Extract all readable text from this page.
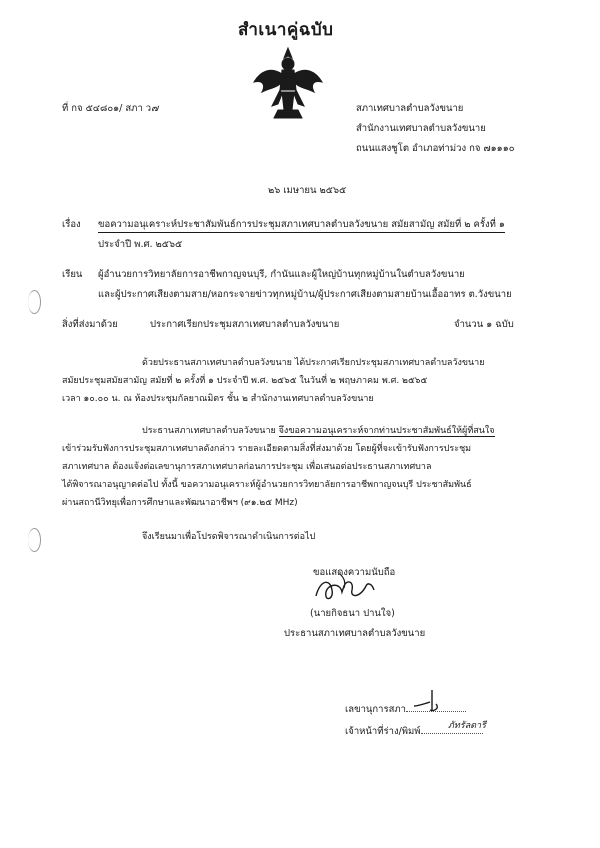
สำเนาคู่ฉบับ
ที่ กจ ๕๔๘๐๑/ สภา ว๗	สภาเทศบาลตำบลวังขนาย
สำนักงานเทศบาลตำบลวังขนาย
ถนนแสงชูโต อำเภอท่าม่วง กจ ๗๑๑๑๐
๒๖ เมษายน ๒๕๖๕
เรื่อง ขอความอนุเคราะห์ประชาสัมพันธ์การประชุมสภาเทศบาลตำบลวังขนาย สมัยสามัญ สมัยที่ ๒ ครั้งที่ ๑
ประจำปี พ.ศ. ๒๕๖๕
เรียน ผู้อำนวยการวิทยาลัยการอาชีพกาญจนบุรี, กำนันและผู้ใหญ่บ้านทุกหมู่บ้านในตำบลวังขนาย
และผู้ประกาศเสียงตามสาย/หอกระจายข่าวทุกหมู่บ้าน/ผู้ประกาศเสียงตามสายบ้านเอื้ออาทร ต.วังขนาย
สิ่งที่ส่งมาด้วย	ประกาศเรียกประชุมสภาเทศบาลตำบลวังขนาย	จำนวน ๑ ฉบับ
ด้วยประธานสภาเทศบาลตำบลวังขนาย ได้ประกาศเรียกประชุมสภาเทศบาลตำบลวังขนาย
สมัยประชุมสมัยสามัญ สมัยที่ ๒ ครั้งที่ ๑ ประจำปี พ.ศ. ๒๕๖๕ ในวันที่ ๒ พฤษภาคม พ.ศ. ๒๕๖๕
เวลา ๑๐.๐๐ น. ณ ห้องประชุมกัลยาณมิตร ชั้น ๒ สำนักงานเทศบาลตำบลวังขนาย
ประธานสภาเทศบาลตำบลวังขนาย จึงขอความอนุเคราะห์จากท่านประชาสัมพันธ์ให้ผู้ที่สนใจ
เข้าร่วมรับฟังการประชุมสภาเทศบาลดังกล่าว รายละเอียดตามสิ่งที่ส่งมาด้วย โดยผู้ที่จะเข้ารับฟังการประชุม
สภาเทศบาล ต้องแจ้งต่อเลขานุการสภาเทศบาลก่อนการประชุม เพื่อเสนอต่อประธานสภาเทศบาล
ได้พิจารณาอนุญาตต่อไป ทั้งนี้ ขอความอนุเคราะห์ผู้อำนวยการวิทยาลัยการอาชีพกาญจนบุรี ประชาสัมพันธ์
ผ่านสถานีวิทยุเพื่อการศึกษาและพัฒนาอาชีพฯ (๙๑.๒๕ MHz)
จึงเรียนมาเพื่อโปรดพิจารณาดำเนินการต่อไป
ขอแสดงความนับถือ
(นายกิจธนา ปานใจ)
ประธานสภาเทศบาลตำบลวังขนาย
เลขานุการสภา
เจ้าหน้าที่ร่าง/พิมพ์	ภัทรัลดารี
